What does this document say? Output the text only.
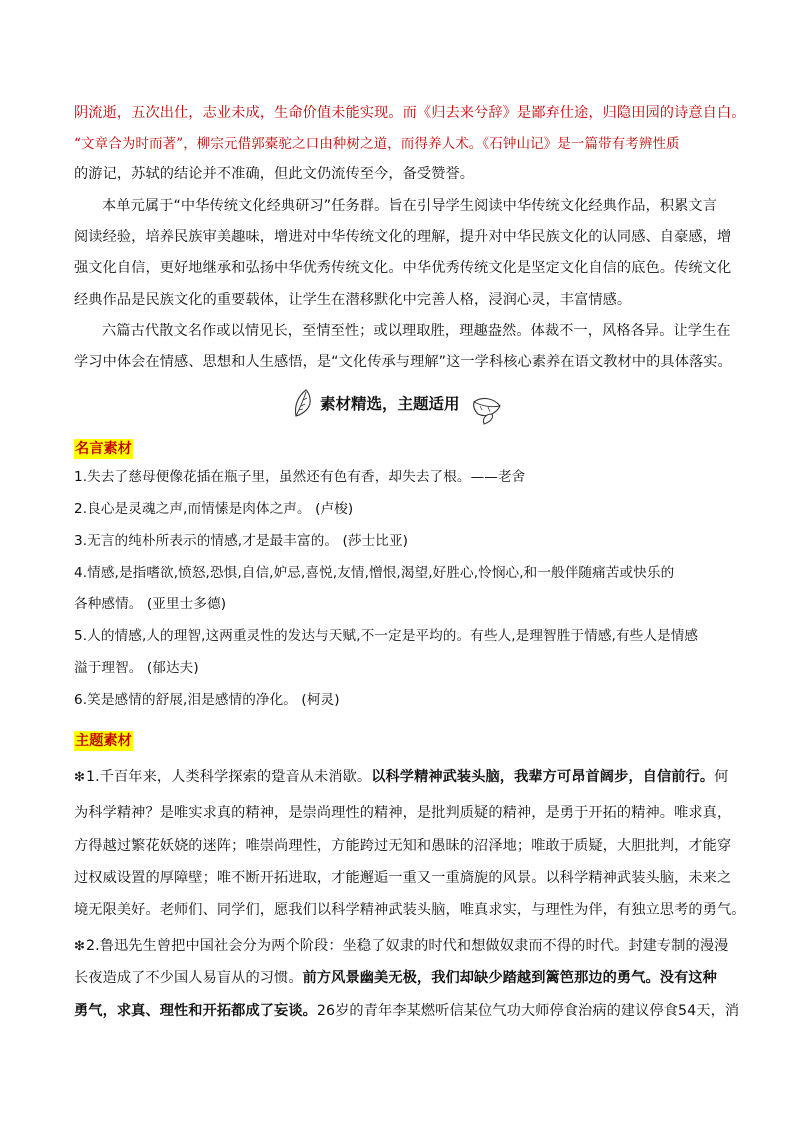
阴流逝，五次出仕，志业未成，生命价值未能实现。而《归去来兮辞》是鄙弃仕途，归隐田园的诗意自白。
“文章合为时而著”，柳宗元借郭橐驼之口由种树之道，而得养人术。《石钟山记》是一篇带有考辨性质
的游记，苏轼的结论并不准确，但此文仍流传至今，备受赞誉。
本单元属于“中华传统文化经典研习”任务群。旨在引导学生阅读中华传统文化经典作品，积累文言
阅读经验，培养民族审美趣味，增进对中华传统文化的理解，提升对中华民族文化的认同感、自豪感，增
强文化自信，更好地继承和弘扬中华优秀传统文化。中华优秀传统文化是坚定文化自信的底色。传统文化
经典作品是民族文化的重要载体，让学生在潜移默化中完善人格，浸润心灵，丰富情感。
六篇古代散文名作或以情见长，至情至性；或以理取胜，理趣盎然。体裁不一，风格各异。让学生在
学习中体会在情感、思想和人生感悟，是“文化传承与理解”这一学科核心素养在语文教材中的具体落实。
素材精选，主题适用
名言素材
1.失去了慈母便像花插在瓶子里，虽然还有色有香，却失去了根。——老舍
2.良心是灵魂之声,而情愫是肉体之声。 (卢梭)
3.无言的纯朴所表示的情感,才是最丰富的。 (莎士比亚)
4.情感,是指嗜欲,愤怒,恐惧,自信,妒忌,喜悦,友情,憎恨,渴望,好胜心,怜悯心,和一般伴随痛苦或快乐的
各种感情。 (亚里士多德)
5.人的情感,人的理智,这两重灵性的发达与天赋,不一定是平均的。有些人,是理智胜于情感,有些人是情感
溢于理智。 (郁达夫)
6.笑是感情的舒展,泪是感情的净化。 (柯灵)
主题素材
❇1.千百年来，人类科学探索的跫音从未消歇。以科学精神武装头脑，我辈方可昂首阔步，自信前行。何
为科学精神？是唯实求真的精神，是崇尚理性的精神，是批判质疑的精神，是勇于开拓的精神。唯求真，
方得越过繁花妖娆的迷阵；唯崇尚理性，方能跨过无知和愚昧的沼泽地；唯敢于质疑，大胆批判，才能穿
过权威设置的厚障壁；唯不断开拓进取，才能邂逅一重又一重旖旎的风景。以科学精神武装头脑，未来之
境无限美好。老师们、同学们，愿我们以科学精神武装头脑，唯真求实，与理性为伴，有独立思考的勇气。
❇2.鲁迅先生曾把中国社会分为两个阶段：坐稳了奴隶的时代和想做奴隶而不得的时代。封建专制的漫漫
长夜造成了不少国人易盲从的习惯。前方风景幽美无极，我们却缺少踏越到篱笆那边的勇气。没有这种
勇气，求真、理性和开拓都成了妄谈。26岁的青年李某燃听信某位气功大师停食治病的建议停食54天，消
